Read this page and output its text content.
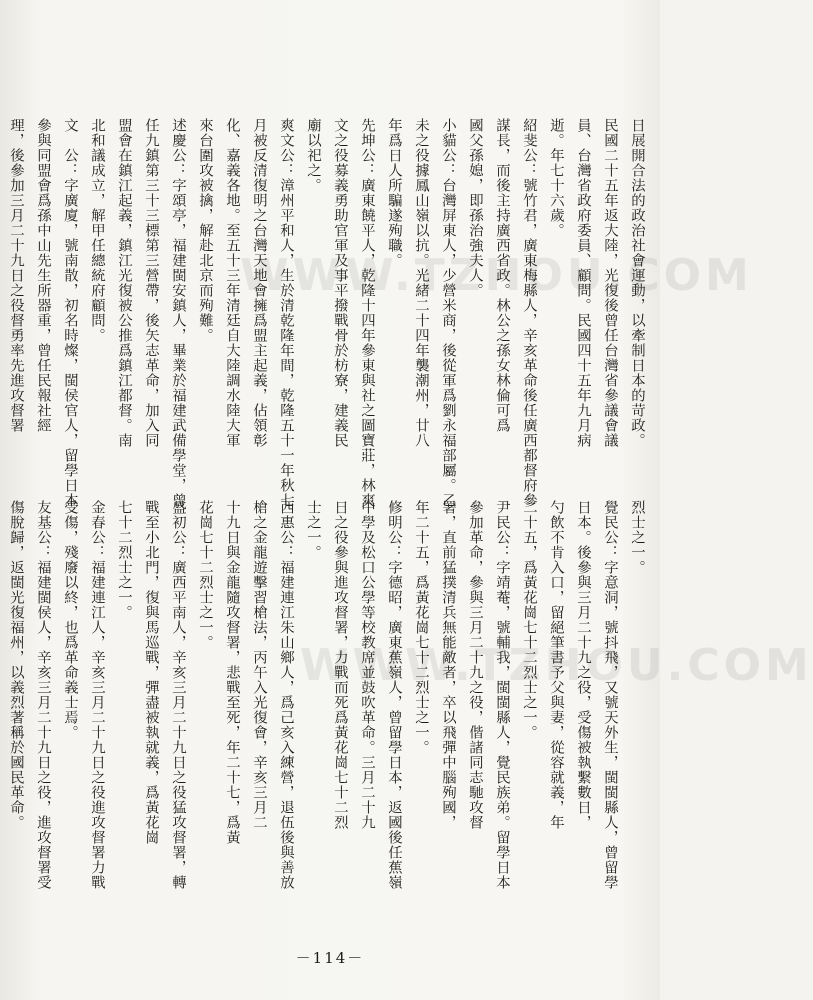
WWW.TZHOU.COM
WWW.TZHOU.COM
日展開合法的政治社會運動，以牽制日本的苛政。
民國二十五年返大陸，光復後曾任台灣省參議會議
員、台灣省政府委員、顧問。民國四十五年九月病
逝。年七十六歲。
紹斐公：號竹君，廣東梅縣人，辛亥革命後任廣西都督府參
謀長，而後主持廣西省政。林公之孫女林倫可爲
國父孫媳，即孫治強夫人。
小貓公：台灣屏東人，少營米商，後從軍爲劉永福部屬。乙
未之役據鳳山嶺以抗。光緒二十四年襲潮州，廿八
年爲日人所騙遂殉職。
先坤公：廣東饒平人，乾隆十四年參東與社之圖寶莊，林爽
文之役募義勇助官軍及事平撥戰骨於枋寮，建義民
廟以祀之。
爽文公：漳州平和人，生於清乾隆年間，乾隆五十一年秋七
月被反清復明之台灣天地會擁爲盟主起義，佔領彰
化、嘉義各地。至五十三年清廷自大陸調水陸大軍
來台圍攻被擒，解赴北京而殉難。
述慶公：字頌亭，福建閩安鎮人，畢業於福建武備學堂，曾
任九鎮第三十三標第三營帶，後矢志革命，加入同
盟會在鎮江起義，鎮江光復被公推爲鎮江都督。南
北和議成立，解甲任總統府顧問。
文　公：字廣廈，號南散，初名時燦，閩侯官人，留學日本
參與同盟會爲孫中山先生所器重，曾任民報社經
理，後參加三月二十九日之役督勇率先進攻督署
烈士之一。
覺民公：字意洞，號抖飛，又號天外生，閩閩縣人，曾留學
日本。後參與三月二十九之役，受傷被執繫數日，
勺飲不肯入口，留絕筆書予父與妻，從容就義，年
二十五，爲黃花崗七十二烈士之一。
尹民公：字靖菴，號輔我，閩閩縣人，覺民族弟。留學日本
參加革命，參與三月二十九之役，偕諸同志馳攻督
署，直前猛撲清兵無能敵者，卒以飛彈中腦殉國，
年二十五，爲黃花崗七十二烈士之一。
修明公：字德昭，廣東蕉嶺人，曾留學日本，返國後任蕉嶺
中學及松口公學等校教席並鼓吹革命。三月二十九
日之役參與進攻督署，力戰而死爲黃花崗七十二烈
士之一。
西惠公：福建連江朱山鄉人，爲己亥入練營，退伍後與善放
槍之金龍遊擊習槍法，丙午入光復會，辛亥三月二
十九日與金龍隨攻督署，悲戰至死，年二十七，爲黃
花崗七十二烈士之一。
盛初公：廣西平南人，辛亥三月二十九日之役猛攻督署，轉
戰至小北門，復與馬巡戰，彈盡被執就義，爲黃花崗
七十二烈士之一。
金春公：福建連江人，辛亥三月二十九日之役進攻督署力戰
受傷，殘廢以終，也爲革命義士焉。
友基公：福建閩侯人，辛亥三月二十九日之役，進攻督署受
傷脫歸，返閩光復福州，以義烈著稱於國民革命。
－114－
